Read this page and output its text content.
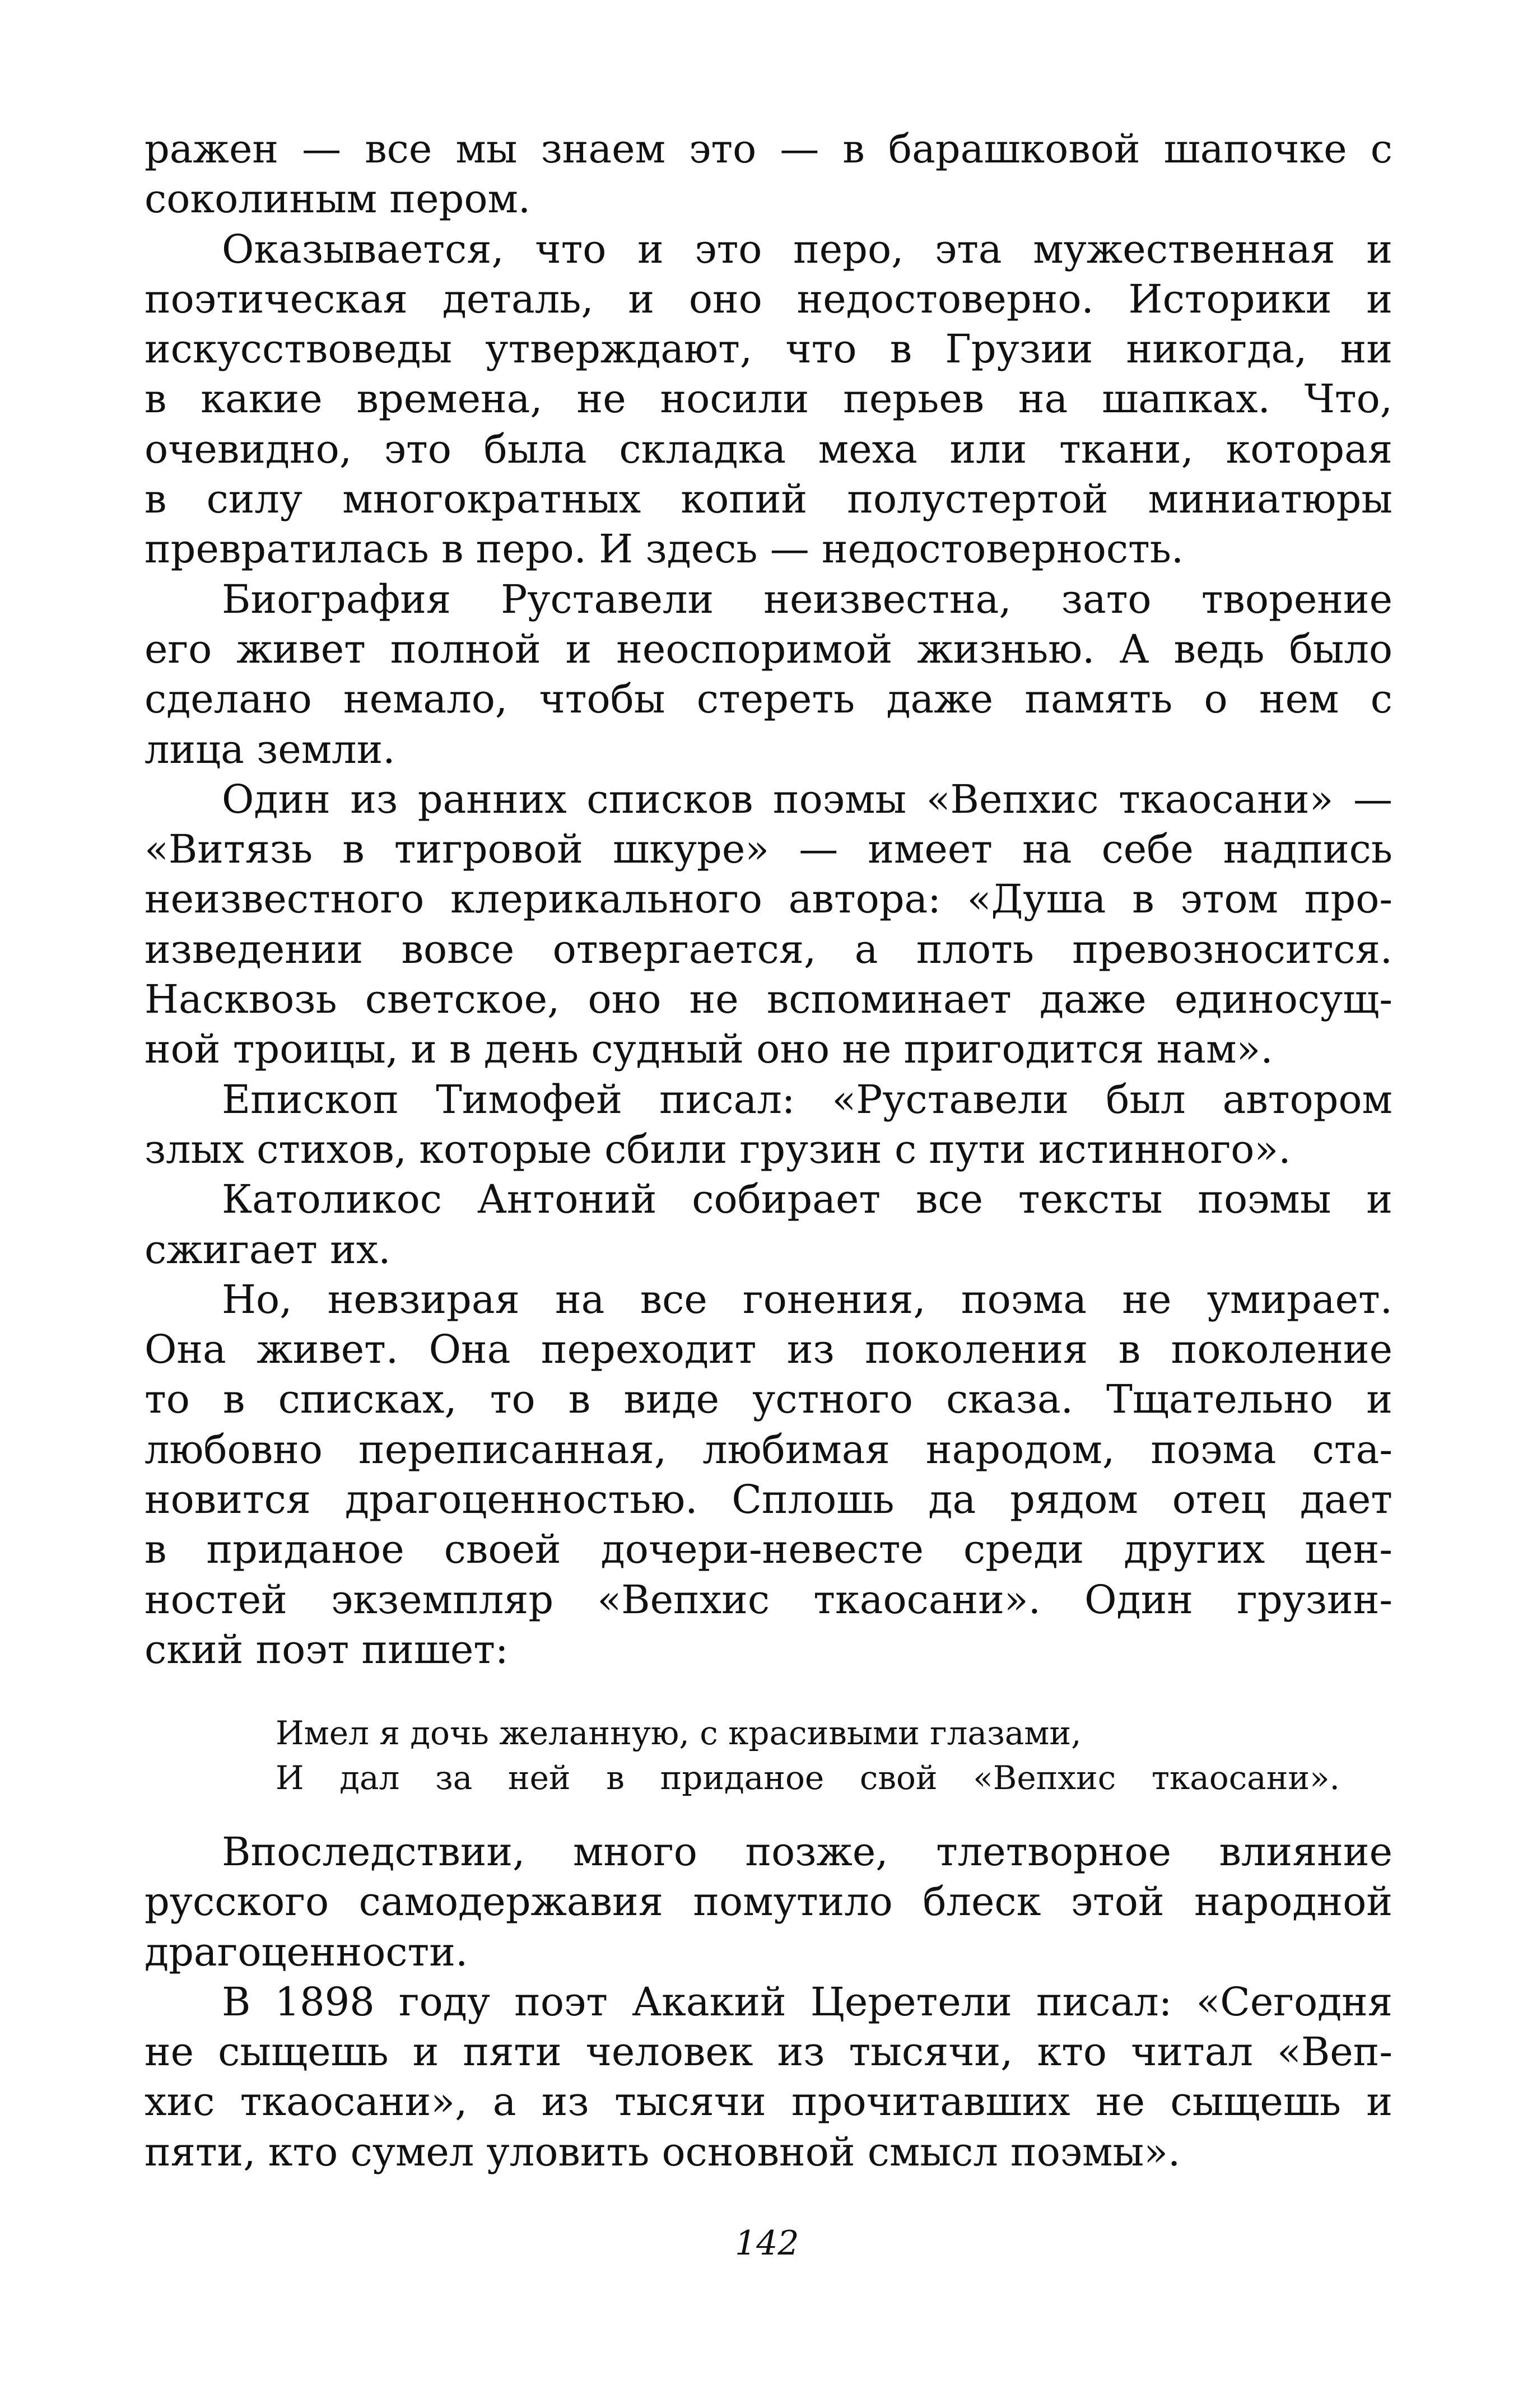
ражен — все мы знаем это — в барашковой шапочке с
соколиным пером.
Оказывается, что и это перо, эта мужественная и
поэтическая деталь, и оно недостоверно. Историки и
искусствоведы утверждают, что в Грузии никогда, ни
в какие времена, не носили перьев на шапках. Что,
очевидно, это была складка меха или ткани, которая
в силу многократных копий полустертой миниатюры
превратилась в перо. И здесь — недостоверность.
Биография Руставели неизвестна, зато творение
его живет полной и неоспоримой жизнью. А ведь было
сделано немало, чтобы стереть даже память о нем с
лица земли.
Один из ранних списков поэмы «Вепхис ткаосани» —
«Витязь в тигровой шкуре» — имеет на себе надпись
неизвестного клерикального автора: «Душа в этом про-
изведении вовсе отвергается, а плоть превозносится.
Насквозь светское, оно не вспоминает даже единосущ-
ной троицы, и в день судный оно не пригодится нам».
Епископ Тимофей писал: «Руставели был автором
злых стихов, которые сбили грузин с пути истинного».
Католикос Антоний собирает все тексты поэмы и
сжигает их.
Но, невзирая на все гонения, поэма не умирает.
Она живет. Она переходит из поколения в поколение
то в списках, то в виде устного сказа. Тщательно и
любовно переписанная, любимая народом, поэма ста-
новится драгоценностью. Сплошь да рядом отец дает
в приданое своей дочери-невесте среди других цен-
ностей экземпляр «Вепхис ткаосани». Один грузин-
ский поэт пишет:
Имел я дочь желанную, с красивыми глазами,
И дал за ней в приданое свой «Вепхис ткаосани».
Впоследствии, много позже, тлетворное влияние
русского самодержавия помутило блеск этой народной
драгоценности.
В 1898 году поэт Акакий Церетели писал: «Сегодня
не сыщешь и пяти человек из тысячи, кто читал «Веп-
хис ткаосани», а из тысячи прочитавших не сыщешь и
пяти, кто сумел уловить основной смысл поэмы».
142
